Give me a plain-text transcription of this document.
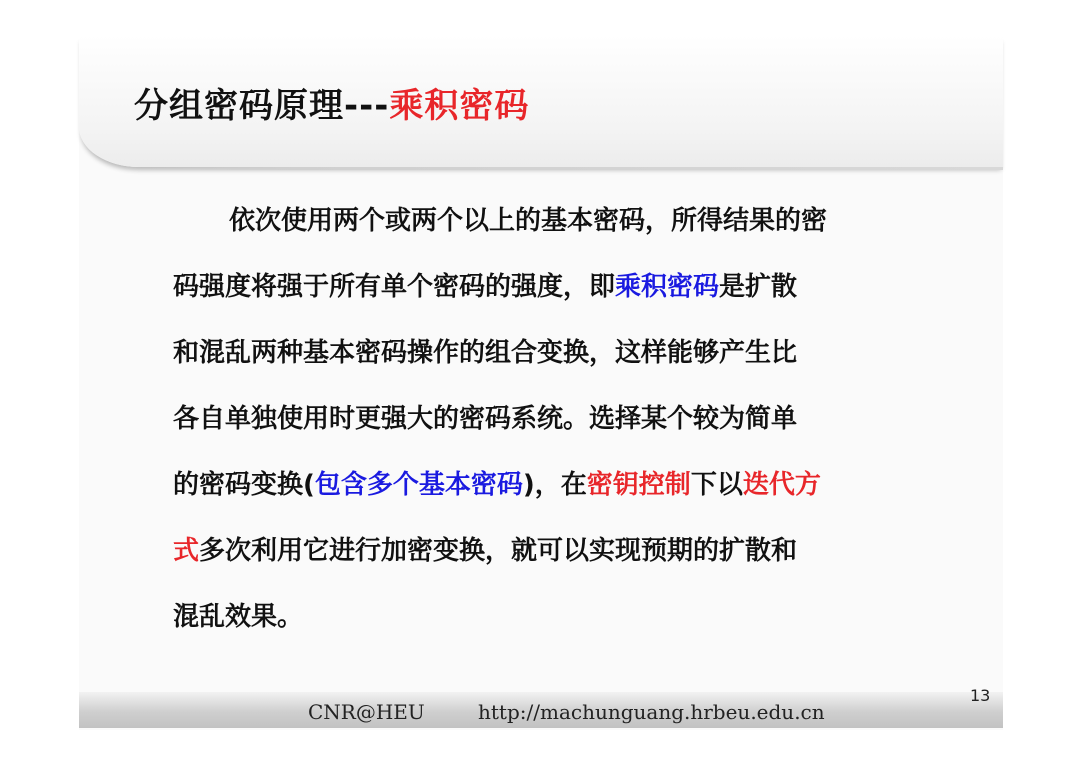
分组密码原理---乘积密码
依次使用两个或两个以上的基本密码，所得结果的密
码强度将强于所有单个密码的强度，即乘积密码是扩散
和混乱两种基本密码操作的组合变换，这样能够产生比
各自单独使用时更强大的密码系统。选择某个较为简单
的密码变换(包含多个基本密码)，在密钥控制下以迭代方
式多次利用它进行加密变换，就可以实现预期的扩散和
混乱效果。
CNR@HEU	http://machunguang.hrbeu.edu.cn
13
